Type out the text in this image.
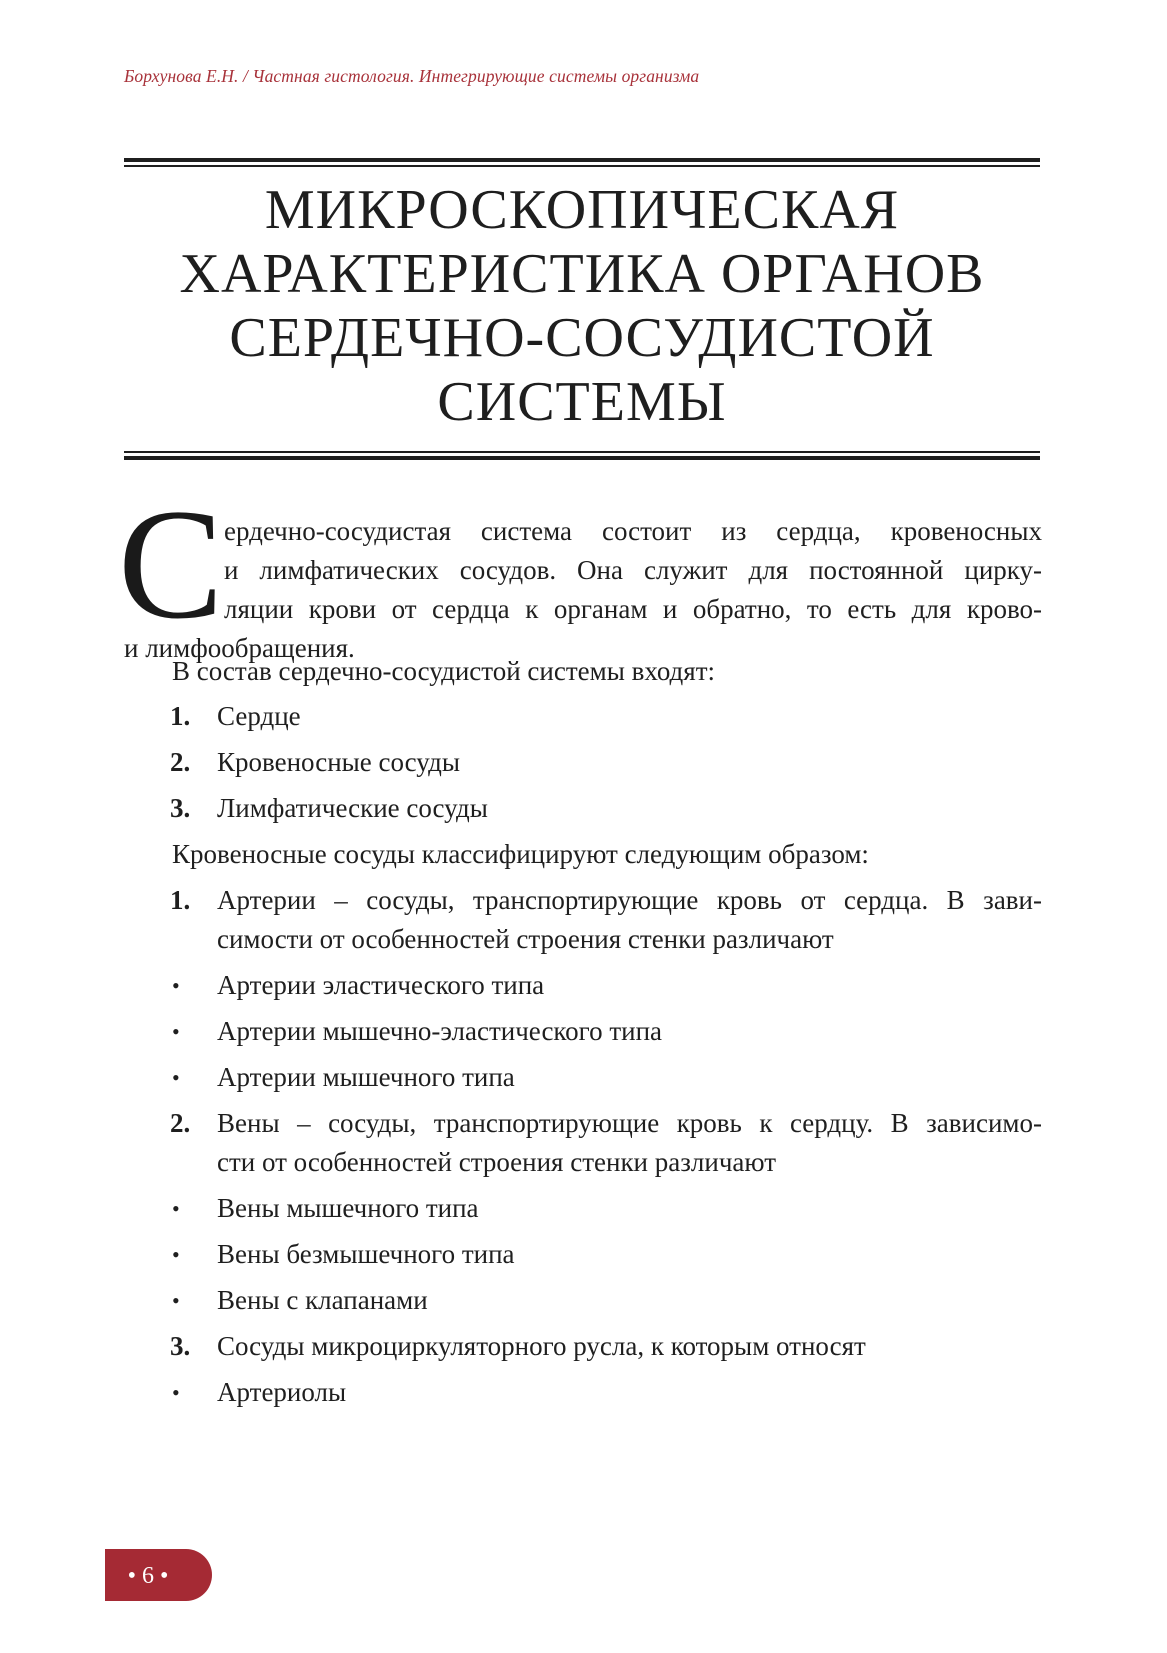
Борхунова Е.Н. / Частная гистология. Интегрирующие системы организма
МИКРОСКОПИЧЕСКАЯ
ХАРАКТЕРИСТИКА ОРГАНОВ
СЕРДЕЧНО-СОСУДИСТОЙ
СИСТЕМЫ
С ердечно-сосудистая система состоит из сердца, кровеносных
и лимфатических сосудов. Она служит для постоянной цирку-
ляции крови от сердца к органам и обратно, то есть для крово-
и лимфообращения.

В состав сердечно-сосудистой системы входят:
1. Сердце
2. Кровеносные сосуды
3. Лимфатические сосуды
Кровеносные сосуды классифицируют следующим образом:
1. Артерии – сосуды, транспортирующие кровь от сердца. В зави-
симости от особенностей строения стенки различают
•	Артерии эластического типа
•	Артерии мышечно-эластического типа
•	Артерии мышечного типа
2. Вены – сосуды, транспортирующие кровь к сердцу. В зависимо-
сти от особенностей строения стенки различают
•	Вены мышечного типа
•	Вены безмышечного типа
•	Вены с клапанами
3. Сосуды микроциркуляторного русла, к которым относят
•	Артериолы
• 6 •
